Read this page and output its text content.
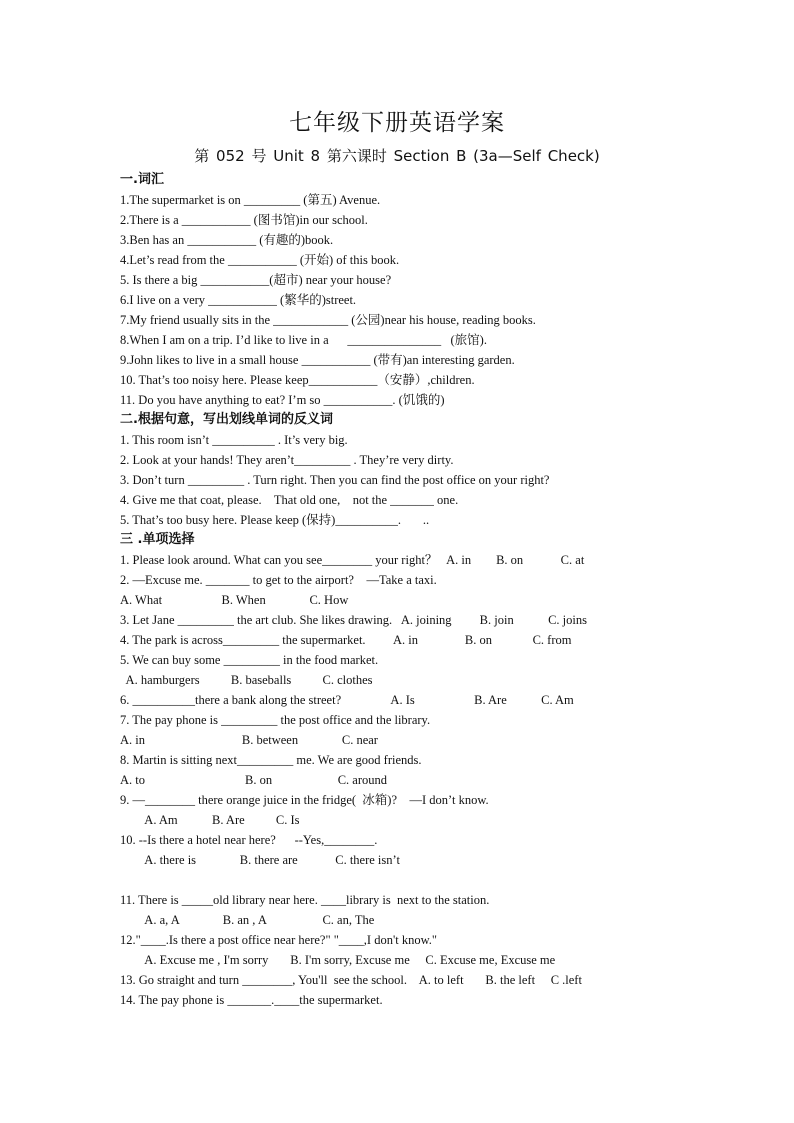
七年级下册英语学案
第 052 号 Unit 8 第六课时 Section B (3a—Self Check)
一.词汇
1.The supermarket is on _________ (第五) Avenue.
2.There is a ___________ (图书馆)in our school.
3.Ben has an ___________ (有趣的)book.
4.Let’s read from the ___________ (开始) of this book.
5. Is there a big ___________(超市) near your house?
6.I live on a very ___________ (繁华的)street.
7.My friend usually sits in the ____________ (公园)near his house, reading books.
8.When I am on a trip. I’d like to live in a      _______________   (旅馆).
9.John likes to live in a small house ___________ (带有)an interesting garden.
10. That’s too noisy here. Please keep___________（安静）,children.
11. Do you have anything to eat? I’m so ___________. (饥饿的)
二.根据句意，写出划线单词的反义词
1. This room isn’t __________ . It’s very big.
2. Look at your hands! They aren’t_________ . They’re very dirty.
3. Don’t turn _________ . Turn right. Then you can find the post office on your right?
4. Give me that coat, please.    That old one,    not the _______ one.
5. That’s too busy here. Please keep (保持)__________.       ..
三 .单项选择
1. Please look around. What can you see________ your right？   A. in        B. on            C. at
2. —Excuse me. _______ to get to the airport?    —Take a taxi.
A. What                   B. When              C. How
3. Let Jane _________ the art club. She likes drawing.   A. joining         B. join           C. joins
4. The park is across_________ the supermarket.         A. in               B. on             C. from
5. We can buy some _________ in the food market.
A. hamburgers          B. baseballs          C. clothes
6. __________there a bank along the street?                A. Is                   B. Are           C. Am
7. The pay phone is _________ the post office and the library.
A. in                               B. between              C. near
8. Martin is sitting next_________ me. We are good friends.
A. to                                B. on                     C. around
9. —________ there orange juice in the fridge(  冰箱)?    —I don’t know.
A. Am           B. Are          C. Is
10. --Is there a hotel near here?      --Yes,________.
A. there is              B. there are            C. there isn’t
11. There is _____old library near here. ____library is  next to the station.
A. a, A              B. an , A                  C. an, The
12."____.Is there a post office near here?" "____,I don't know."
A. Excuse me , I'm sorry       B. I'm sorry, Excuse me     C. Excuse me, Excuse me
13. Go straight and turn ________, You'll  see the school.    A. to left       B. the left     C .left
14. The pay phone is _______.____the supermarket.
